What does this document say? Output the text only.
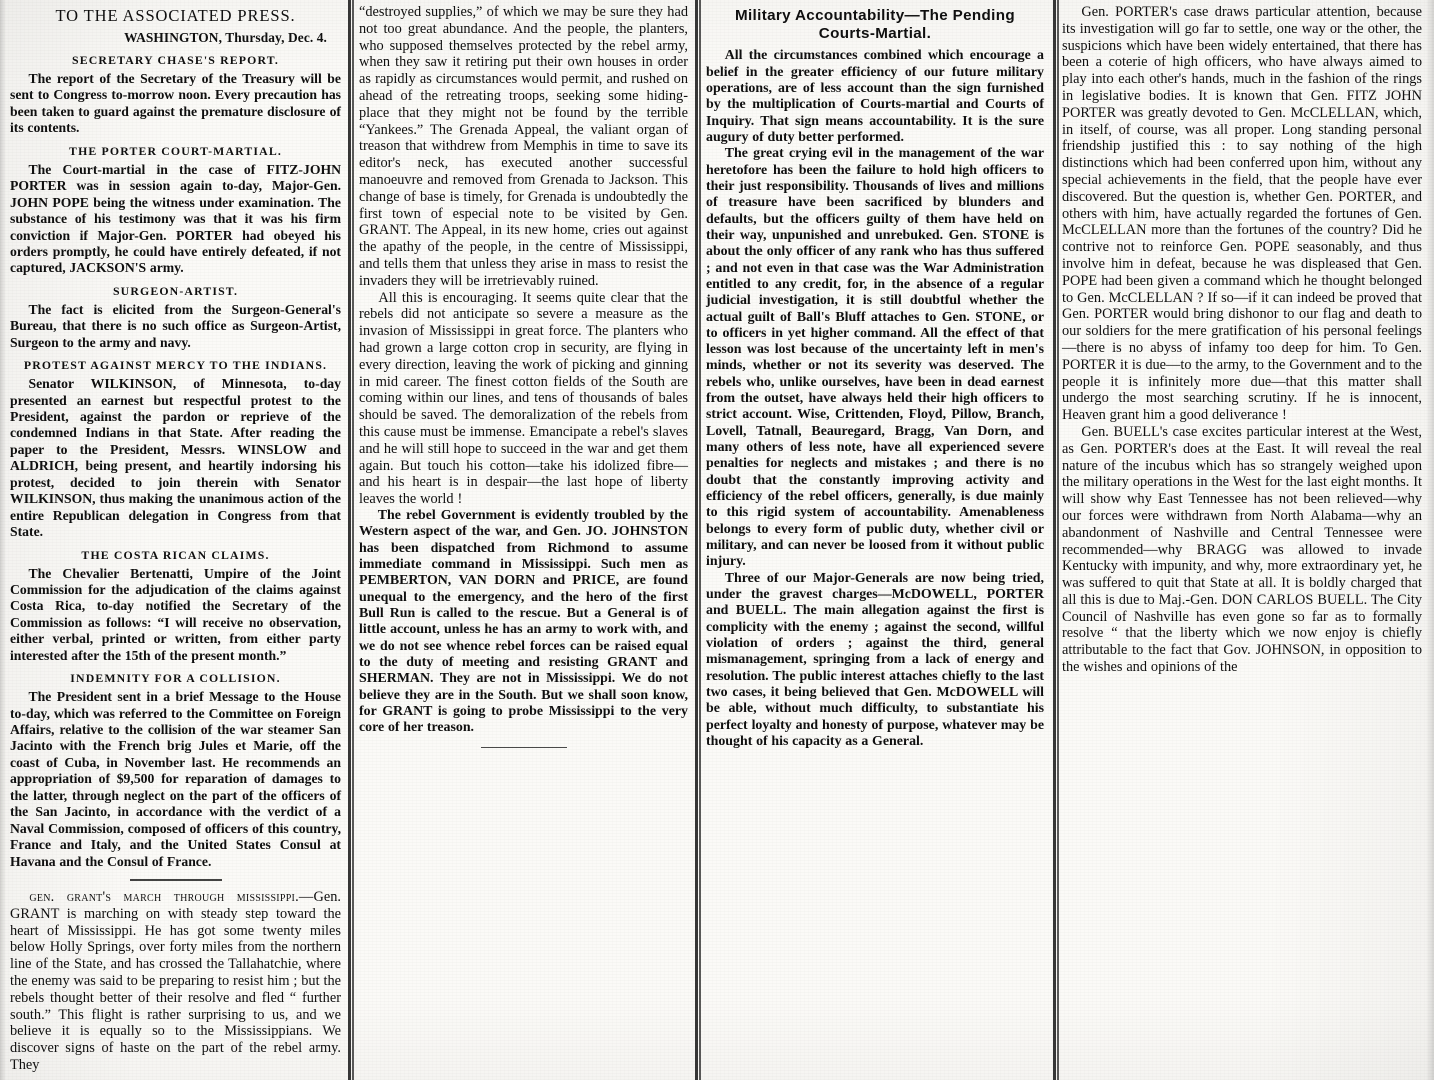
TO THE ASSOCIATED PRESS.
WASHINGTON, Thursday, Dec. 4.
SECRETARY CHASE'S REPORT.

The report of the Secretary of the Treasury will be sent to Congress to-morrow noon. Every precaution has been taken to guard against the premature disclosure of its contents.

THE PORTER COURT-MARTIAL.

The Court-martial in the case of FITZ-JOHN PORTER was in session again to-day, Major-Gen. JOHN POPE being the witness under examination. The substance of his testimony was that it was his firm conviction if Major-Gen. PORTER had obeyed his orders promptly, he could have entirely defeated, if not captured, JACKSON'S army.

SURGEON-ARTIST.

The fact is elicited from the Surgeon-General's Bureau, that there is no such office as Surgeon-Artist, Surgeon to the army and navy.

PROTEST AGAINST MERCY TO THE INDIANS.

Senator WILKINSON, of Minnesota, to-day presented an earnest but respectful protest to the President, against the pardon or reprieve of the condemned Indians in that State. After reading the paper to the President, Messrs. WINSLOW and ALDRICH, being present, and heartily indorsing his protest, decided to join therein with Senator WILKINSON, thus making the unanimous action of the entire Republican delegation in Congress from that State.

THE COSTA RICAN CLAIMS.

The Chevalier Bertenatti, Umpire of the Joint Commission for the adjudication of the claims against Costa Rica, to-day notified the Secretary of the Commission as follows: “I will receive no observation, either verbal, printed or written, from either party interested after the 15th of the present month.”

INDEMNITY FOR A COLLISION.

The President sent in a brief Message to the House to-day, which was referred to the Committee on Foreign Affairs, relative to the collision of the war steamer San Jacinto with the French brig Jules et Marie, off the coast of Cuba, in November last. He recommends an appropriation of $9,500 for reparation of damages to the latter, through neglect on the part of the officers of the San Jacinto, in accordance with the verdict of a Naval Commission, composed of officers of this country, France and Italy, and the United States Consul at Havana and the Consul of France.

gen. grant's march through mississippi.—Gen. GRANT is marching on with steady step toward the heart of Mississippi. He has got some twenty miles below Holly Springs, over forty miles from the northern line of the State, and has crossed the Tallahatchie, where the enemy was said to be preparing to resist him ; but the rebels thought better of their resolve and fled “ further south.” This flight is rather surprising to us, and we believe it is equally so to the Mississippians. We discover signs of haste on the part of the rebel army. They

“destroyed supplies,” of which we may be sure they had not too great abundance. And the people, the planters, who supposed themselves protected by the rebel army, when they saw it retiring put their own houses in order as rapidly as circumstances would permit, and rushed on ahead of the retreating troops, seeking some hiding-place that they might not be found by the terrible “Yankees.” The Grenada Appeal, the valiant organ of treason that withdrew from Memphis in time to save its editor's neck, has executed another successful manoeuvre and removed from Grenada to Jackson. This change of base is timely, for Grenada is undoubtedly the first town of especial note to be visited by Gen. GRANT. The Appeal, in its new home, cries out against the apathy of the people, in the centre of Mississippi, and tells them that unless they arise in mass to resist the invaders they will be irretrievably ruined.

All this is encouraging. It seems quite clear that the rebels did not anticipate so severe a measure as the invasion of Mississippi in great force. The planters who had grown a large cotton crop in security, are flying in every direction, leaving the work of picking and ginning in mid career. The finest cotton fields of the South are coming within our lines, and tens of thousands of bales should be saved. The demoralization of the rebels from this cause must be immense. Emancipate a rebel's slaves and he will still hope to succeed in the war and get them again. But touch his cotton—take his idolized fibre—and his heart is in despair—the last hope of liberty leaves the world !

The rebel Government is evidently troubled by the Western aspect of the war, and Gen. JO. JOHNSTON has been dispatched from Richmond to assume immediate command in Mississippi. Such men as PEMBERTON, VAN DORN and PRICE, are found unequal to the emergency, and the hero of the first Bull Run is called to the rescue. But a General is of little account, unless he has an army to work with, and we do not see whence rebel forces can be raised equal to the duty of meeting and resisting GRANT and SHERMAN. They are not in Mississippi. We do not believe they are in the South. But we shall soon know, for GRANT is going to probe Mississippi to the very core of her treason.

Military Accountability—The Pending Courts-Martial.

All the circumstances combined which encourage a belief in the greater efficiency of our future military operations, are of less account than the sign furnished by the multiplication of Courts-martial and Courts of Inquiry. That sign means accountability. It is the sure augury of duty better performed.

The great crying evil in the management of the war heretofore has been the failure to hold high officers to their just responsibility. Thousands of lives and millions of treasure have been sacrificed by blunders and defaults, but the officers guilty of them have held on their way, unpunished and unrebuked. Gen. STONE is about the only officer of any rank who has thus suffered ; and not even in that case was the War Administration entitled to any credit, for, in the absence of a regular judicial investigation, it is still doubtful whether the actual guilt of Ball's Bluff attaches to Gen. STONE, or to officers in yet higher command. All the effect of that lesson was lost because of the uncertainty left in men's minds, whether or not its severity was deserved. The rebels who, unlike ourselves, have been in dead earnest from the outset, have always held their high officers to strict account. Wise, Crittenden, Floyd, Pillow, Branch, Lovell, Tatnall, Beauregard, Bragg, Van Dorn, and many others of less note, have all experienced severe penalties for neglects and mistakes ; and there is no doubt that the constantly improving activity and efficiency of the rebel officers, generally, is due mainly to this rigid system of accountability. Amenableness belongs to every form of public duty, whether civil or military, and can never be loosed from it without public injury.

Three of our Major-Generals are now being tried, under the gravest charges—McDOWELL, PORTER and BUELL. The main allegation against the first is complicity with the enemy ; against the second, willful violation of orders ; against the third, general mismanagement, springing from a lack of energy and resolution. The public interest attaches chiefly to the last two cases, it being believed that Gen. McDOWELL will be able, without much difficulty, to substantiate his perfect loyalty and honesty of purpose, whatever may be thought of his capacity as a General.

Gen. PORTER's case draws particular attention, because its investigation will go far to settle, one way or the other, the suspicions which have been widely entertained, that there has been a coterie of high officers, who have always aimed to play into each other's hands, much in the fashion of the rings in legislative bodies. It is known that Gen. FITZ JOHN PORTER was greatly devoted to Gen. McCLELLAN, which, in itself, of course, was all proper. Long standing personal friendship justified this : to say nothing of the high distinctions which had been conferred upon him, without any special achievements in the field, that the people have ever discovered. But the question is, whether Gen. PORTER, and others with him, have actually regarded the fortunes of Gen. McCLELLAN more than the fortunes of the country? Did he contrive not to reinforce Gen. POPE seasonably, and thus involve him in defeat, because he was displeased that Gen. POPE had been given a command which he thought belonged to Gen. McCLELLAN ? If so—if it can indeed be proved that Gen. PORTER would bring dishonor to our flag and death to our soldiers for the mere gratification of his personal feelings—there is no abyss of infamy too deep for him. To Gen. PORTER it is due—to the army, to the Government and to the people it is infinitely more due—that this matter shall undergo the most searching scrutiny. If he is innocent, Heaven grant him a good deliverance !

Gen. BUELL's case excites particular interest at the West, as Gen. PORTER's does at the East. It will reveal the real nature of the incubus which has so strangely weighed upon the military operations in the West for the last eight months. It will show why East Tennessee has not been relieved—why our forces were withdrawn from North Alabama—why an abandonment of Nashville and Central Tennessee were recommended—why BRAGG was allowed to invade Kentucky with impunity, and why, more extraordinary yet, he was suffered to quit that State at all. It is boldly charged that all this is due to Maj.-Gen. DON CARLOS BUELL. The City Council of Nashville has even gone so far as to formally resolve “ that the liberty which we now enjoy is chiefly attributable to the fact that Gov. JOHNSON, in opposition to the wishes and opinions of the
